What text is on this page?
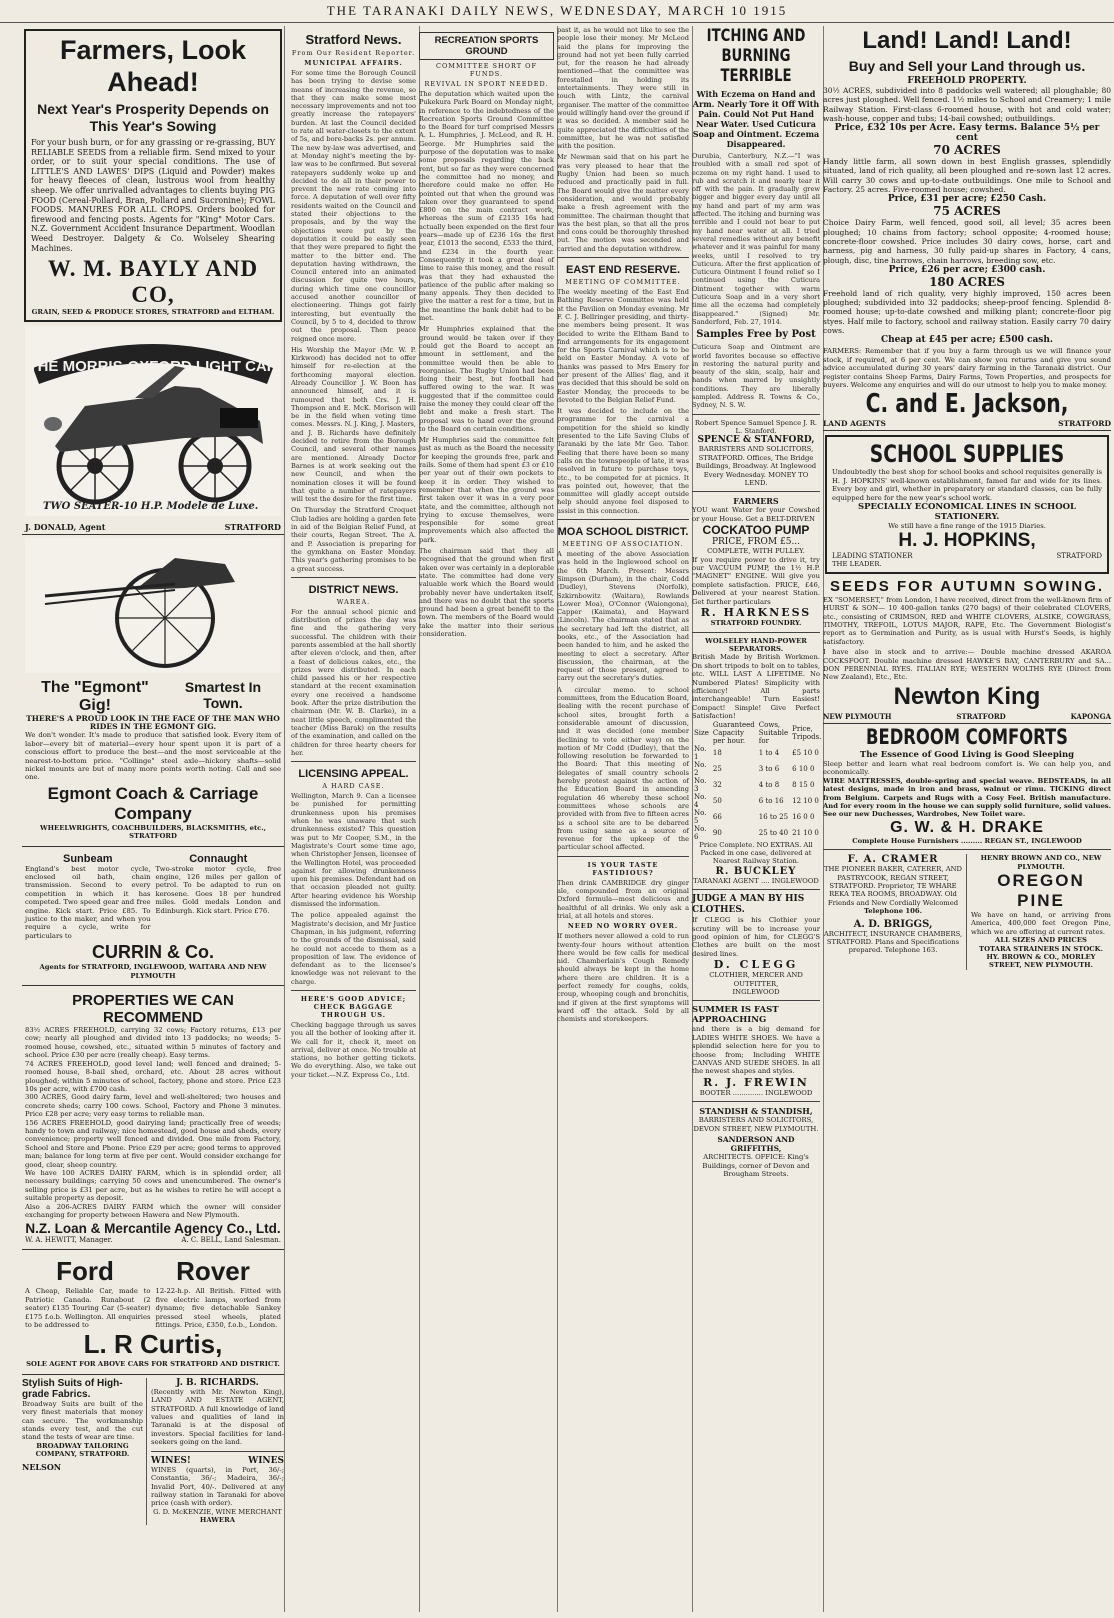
THE TARANAKI DAILY NEWS, WEDNESDAY, MARCH 10 1915
Farmers, Look Ahead!
Next Year's Prosperity Depends on This Year's Sowing
For your bush burn, or for any grassing or re-grassing, BUY RELIABLE SEEDS from a reliable firm. Send mixed to your order, or to suit your special conditions. The use of LITTLE'S AND LAWES' DIPS (Liquid and Powder) makes for heavy fleeces of clean, lustrous wool from healthy sheep. We offer unrivalled advantages to clients buying PIG FOOD (Cereal-Pollard, Bran, Pollard and Sucronine); FOWL FOODS. MANURES FOR ALL CROPS. Orders booked for firewood and fencing posts. Agents for "King" Motor Cars. N.Z. Government Accident Insurance Department. Woodlan Weed Destroyer. Dalgety & Co. Wolseley Shearing Machines.
W. M. BAYLY AND CO,
GRAIN, SEED & PRODUCE STORES, STRATFORD and ELTHAM.
THE MORRIS-OXFORD LIGHT CAR
TWO SEATER-10 H.P. Modele de Luxe.
J. DONALD, Agent	STRATFORD
The "Egmont" Gig!
Smartest In Town.
THERE'S A PROUD LOOK IN THE FACE OF THE MAN WHO RIDES IN THE EGMONT GIG.
We don't wonder. It's made to produce that satisfied look. Every item of labor—every bit of material—every hour spent upon it is part of a conscious effort to produce the best—and the most serviceable at the nearest-to-bottom price. "Collinge" steel axle—hickory shafts—solid nickel mounts are but of many more points worth noting. Call and see one.
Egmont Coach & Carriage Company
WHEELWRIGHTS, COACHBUILDERS, BLACKSMITHS, etc., STRATFORD
Sunbeam
England's best motor cycle, enclosed oil bath, chain transmission. Second to every competition in which it has competed. Two speed gear and free engine. Kick start. Price £85. To justice to the maker, and when you require a cycle, write for particulars to
Connaught
Two-stroke motor cycle, free engine, 126 miles per gallon of petrol. To be adapted to run on kerosene. Goes 18 per hundred miles. Gold medals London and Edinburgh. Kick start. Price £76.
CURRIN & Co.
Agents for STRATFORD, INGLEWOOD, WAITARA AND NEW PLYMOUTH
PROPERTIES WE CAN RECOMMEND
83½ ACRES FREEHOLD, carrying 32 cows; Factory returns, £13 per cow; nearly all ploughed and divided into 13 paddocks; no weeds; 5-roomed house, cowshed, etc., situated within 5 minutes of factory and school. Price £30 per acre (really cheap). Easy terms.
74 ACRES FREEHOLD, good level land; well fenced and drained; 5-roomed house, 8-bail shed, orchard, etc. About 28 acres without ploughed; within 5 minutes of school, factory, phone and store. Price £23 10s per acre, with £700 cash.
300 ACRES, Good dairy farm, level and well-sheltered; two houses and concrete sheds; carry 100 cows. School, Factory and Phone 3 minutes. Price £28 per acre; very easy terms to reliable man.
156 ACRES FREEHOLD, good dairying land; practically free of weeds; handy to town and railway; nice homestead, good house and sheds, every convenience; property well fenced and divided. One mile from Factory, School and Store and Phone. Price £29 per acre; good terms to approved man; balance for long term at five per cent. Would consider exchange for good, clear, sheep country.
We have 100 ACRES DAIRY FARM, which is in splendid order, all necessary buildings; carrying 50 cows and unencumbered. The owner's selling price is £31 per acre, but as he wishes to retire he will accept a suitable property as deposit.
Also a 206-ACRES DAIRY FARM which the owner will consider exchanging for property between Hawera and New Plymouth.
N.Z. Loan & Mercantile Agency Co., Ltd.
W. A. HEWITT, Manager.	A. C. BELL, Land Salesman.
Ford Rover
A Cheap, Reliable Car, made to Patriotic Canada. Runabout (2 seater) £135 Touring Car (5-seater) £175 f.o.b. Wellington. All enquiries to be addressed to
12-22-h.p. All British. Fitted with five electric lamps, worked from dynamo; five detachable Sankey pressed steel wheels, plated fittings. Price, £350, f.o.b., London.
L. R Curtis,
SOLE AGENT FOR ABOVE CARS FOR STRATFORD AND DISTRICT.
Stylish Suits of High-grade Fabrics.
Broadway Suits are built of the very finest materials that money can secure. The workmanship stands every test, and the cut stand the tests of wear are time.
BROADWAY TAILORING COMPANY, STRATFORD.
NELSON
J. B. RICHARDS.
(Recently with Mr. Newton King), LAND AND ESTATE AGENT, STRATFORD. A full knowledge of land values and qualities of land in Taranaki is at the disposal of investors. Special facilities for land-seekers going on the land.
WINES!	WINES
WINES (quarts), in Port, 36/-; Constantia, 36/-; Madeira, 36/-; Invalid Port, 40/-. Delivered at any railway station in Taranaki for above price (cash with order).
G. D. McKENZIE, WINE MERCHANT
HAWERA
Stratford News.
From Our Resident Reporter.
MUNICIPAL AFFAIRS.
For some time the Borough Council has been trying to devise some means of increasing the revenue, so that they can make some most necessary improvements and not too greatly increase the ratepayers' burden. At last the Council decided to rate all water-closets to the extent of 5s, and bore-backs 2s. per annum. The new by-law was advertised, and at Monday night's meeting the by-law was to be confirmed. But several ratepayers suddenly woke up and decided to do all in their power to prevent the new rate coming into force. A deputation of well over fifty residents waited on the Council and stated their objections to the proposals, and by the way the objections were put by the deputation it could be easily seen that they were prepared to fight the matter to the bitter end. The deputation having withdrawn, the Council entered into an animated discussion for quite two hours, during which time one councillor accused another councillor of electioneering. Things got fairly interesting, but eventually the Council, by 5 to 4, decided to throw out the proposal. Then peace reigned once more.
His Worship the Mayor (Mr. W. P. Kirkwood) has decided not to offer himself for re-election at the forthcoming mayoral election. Already Councillor J. W. Boon has announced himself, and it is rumoured that both Crs. J. H. Thompson and E. McK. Morison will be in the field when voting time comes. Messrs. N. J. King, J. Masters, and J. B. Richards have definitely decided to retire from the Borough Council, and several other names are mentioned. Already Doctor Barnes is at work seeking out the new Council, and when the nomination closes it will be found that quite a number of ratepayers will test the desire for the first time.
On Thursday the Stratford Croquet Club ladies are holding a garden fete in aid of the Belgian Relief Fund, at their courts, Regan Street. The A. and P. Association is preparing for the gymkhana on Easter Monday. This year's gathering promises to be a great success.
DISTRICT NEWS.
WAREA.
For the annual school picnic and distribution of prizes the day was fine and the gathering very successful. The children with their parents assembled at the hall shortly after eleven o'clock, and then, after a feast of delicious cakes, etc., the prizes were distributed. In each child passed his or her respective standard at the recent examination every one received a handsome book. After the prize distribution the chairman (Mr. W. B. Clarke), in a neat little speech, complimented the teacher (Miss Barak) on the results of the examination, and called on the children for three hearty cheers for her.
LICENSING APPEAL.
A HARD CASE.
Wellington, March 9. Can a licensee be punished for permitting drunkenness upon his premises when he was unaware that such drunkenness existed? This question was put to Mr Cooper, S.M., in the Magistrate's Court some time ago, when Christopher Jensen, licensee of the Wellington Hotel, was proceeded against for allowing drunkenness upon his premises. Defendant had on that occasion pleaded not guilty. After hearing evidence his Worship dismissed the information.
The police appealed against the Magistrate's decision, and Mr Justice Chapman, in his judgment, referring to the grounds of the dismissal, said he could not accede to them as a proposition of law. The evidence of defendant as to the licensee's knowledge was not relevant to the charge.
HERE'S GOOD ADVICE; CHECK BAGGAGE THROUGH US.
Checking baggage through us saves you all the bother of looking after it. We call for it, check it, meet on arrival, deliver at once. No trouble at stations, no bother getting tickets. We do everything. Also, we take out your ticket.—N.Z. Express Co., Ltd.
RECREATION SPORTS GROUND
COMMITTEE SHORT OF FUNDS.
REVIVAL IN SPORT NEEDED.
The deputation which waited upon the Pukekura Park Board on Monday night, in reference to the indebtedness of the Recreation Sports Ground Committee to the Board for turf comprised Messrs A. L. Humphries, J. McLeod, and R. H. George. Mr Humphries said the purpose of the deputation was to make some proposals regarding the back rent, but so far as they were concerned the committee had no money, and therefore could make no offer. He pointed out that when the ground was taken over they guaranteed to spend £800 on the main contract work, whereas the sum of £2135 16s had actually been expended on the first four years—made up of £236 16s the first year, £1013 the second, £533 the third, and £234 in the fourth year. Consequently it took a great deal of time to raise this money, and the result was that they had exhausted the patience of the public after making so many appeals. They then decided to give the matter a rest for a time, but in the meantime the bank debit had to be met.
Mr Humphries explained that the ground would be taken over if they could get the Board to accept an amount in settlement, and the committee would then be able to reorganise. The Rugby Union had been doing their best, but football had suffered owing to the war. It was suggested that if the committee could raise the money they could clear off the debt and make a fresh start. The proposal was to hand over the ground to the Board on certain conditions.
Mr Humphries said the committee felt just as much as the Board the necessity for keeping the grounds free, park and rails. Some of them had spent £3 or £10 per year out of their own pockets to keep it in order. They wished to remember that when the ground was first taken over it was in a very poor state, and the committee, although not trying to excuse themselves, were responsible for some great improvements which also affected the park.
The chairman said that they all recognised that the ground when first taken over was certainly in a deplorable state. The committee had done very valuable work which the Board would probably never have undertaken itself, and there was no doubt that the sports ground had been a great benefit to the town. The members of the Board would take the matter into their serious consideration.
past it, as he would not like to see the people lose their money. Mr McLeod said the plans for improving the ground had not yet been fully carried out, for the reason he had already mentioned—that the committee was forestalled in holding its entertainments. They were still in touch with Lintz, the carnival organiser. The matter of the committee would willingly hand over the ground if it was so decided. A member said he quite appreciated the difficulties of the committee, but he was not satisfied with the position.
Mr Newman said that on his part he was very pleased to hear that the Rugby Union had been so much reduced and practically paid in full. The Board would give the matter every consideration, and would probably make a fresh agreement with the committee. The chairman thought that was the best plan, so that all the pros and cons could be thoroughly threshed out. The motion was seconded and carried and the deputation withdrew.
EAST END RESERVE.
MEETING OF COMMITTEE.
The weekly meeting of the East End Bathing Reserve Committee was held at the Pavilion on Monday evening. Mr F. C. J. Bellringer presiding, and thirty-one members being present. It was decided to write the Eltham Band to find arrangements for its engagement for the Sports Carnival which is to be held on Easter Monday. A vote of thanks was passed to Mrs Emery for her present of the Allies' flag, and it was decided that this should be sold on Easter Monday, the proceeds to be devoted to the Belgian Relief Fund.
It was decided to include on the programme for the carnival a competition for the shield so kindly presented to the Life Saving Clubs of Taranaki by the late Mr Geo. Tabor. Feeling that there have been so many calls on the townspeople of late, it was resolved in future to purchase toys, etc., to be competed for at picnics. It was pointed out, however, that the committee will gladly accept outside help should anyone feel disposed to assist in this connection.
MOA SCHOOL DISTRICT.
MEETING OF ASSOCIATION.
A meeting of the above Association was held in the Inglewood school on the 6th March. Present: Messrs Simpson (Durham), in the chair, Codd (Dudley), Stevens (Norfolk), Szkirnbowitz (Waitara), Rowlands (Lower Moa), O'Connor (Waiongona), Capper (Kaimata), and Hayward (Lincoln). The chairman stated that as the secretary had left the district, all books, etc., of the Association had been handed to him, and he asked the meeting to elect a secretary. After discussion, the chairman, at the request of those present, agreed to carry out the secretary's duties.
A circular memo. to school committees, from the Education Board, dealing with the recent purchase of school sites, brought forth a considerable amount of discussion, and it was decided (one member declining to vote either way) on the motion of Mr Codd (Dudley), that the following resolution be forwarded to the Board: That this meeting of delegates of small country schools hereby protest against the action of the Education Board in amending regulation 46 whereby these school committees whose schools are provided with from five to fifteen acres as a school site are to be debarred from using same as a source of revenue for the upkeep of the particular school affected.
IS YOUR TASTE FASTIDIOUS?
Then drink CAMBRIDGE dry ginger ale, compounded from an original Oxford formula—most delicious and healthful of all drinks. We only ask a trial, at all hotels and stores.
NEED NO WORRY OVER.
If mothers never allowed a cold to run twenty-four hours without attention there would be few calls for medical aid. Chamberlain's Cough Remedy should always be kept in the home where there are children. It is a perfect remedy for coughs, colds, croup, whooping cough and bronchitis, and if given at the first symptoms will ward off the attack. Sold by all chemists and storekeepers.
ITCHING AND BURNING TERRIBLE
With Eczema on Hand and Arm. Nearly Tore it Off With Pain. Could Not Put Hand Near Water. Used Cuticura Soap and Ointment. Eczema Disappeared.
Ourubia, Canterbury, N.Z.—"I was troubled with a small red spot of eczema on my right hand. I used to rub and scratch it and nearly tear it off with the pain. It gradually grew bigger and bigger every day until all my hand and part of my arm was affected. The itching and burning was terrible and I could not bear to put my hand near water at all. I tried several remedies without any benefit whatever and it was painful for many weeks, until I resolved to try Cuticura. After the first application of Cuticura Ointment I found relief so I continued using the Cuticura Ointment together with warm Cuticura Soap and in a very short time all the eczema had completely disappeared." (Signed) Mr. Sanderford, Feb. 27, 1914.
Samples Free by Post
Cuticura Soap and Ointment are world favorites because so effective in restoring the natural purity and beauty of the skin, scalp, hair and hands when marred by unsightly conditions. They are liberally sampled. Address R. Towns & Co., Sydney, N. S. W.
Robert Spence Samuel Spence J. R. L. Stanford.
SPENCE & STANFORD,
BARRISTERS AND SOLICITORS, STRATFORD. Offices, The Bridge Buildings, Broadway. At Inglewood Every Wednesday. MONEY TO LEND.
FARMERS
YOU want Water for your Cowshed or your House. Get a BELT-DRIVEN
COCKATOO PUMP
PRICE, FROM £5...
COMPLETE, WITH PULLEY.
If you require power to drive it, try our VACUUM PUMP, the 1½ H.P. "MAGNET" ENGINE. Will give you complete satisfaction. PRICE, £46, Delivered at your nearest Station. Get further particulars
R. HARKNESS
STRATFORD FOUNDRY.
WOLSELEY HAND-POWER SEPARATORS.
British Made by British Workmen. On short tripods to bolt on to tables, etc. WILL LAST A LIFETIME. No Numbered Plates! Simplicity with efficiency! All parts interchangeable! Turn Easiest! Compact! Simple! Give Perfect Satisfaction!
Size	Guaranteed Capacity per hour.	Cows, Suitable for	Price, Tripods.
No. 1	18	1 to 4	£5 10 0
No. 2	25	3 to 6	6 10 0
No. 3	32	4 to 8	8 15 0
No. 4	50	6 to 16	12 10 0
No. 5	66	16 to 25	16 0 0
No. 6	90	25 to 40	21 10 0
Price Complete. NO EXTRAS. All Packed in one case, delivered at Nearest Railway Station.
R. BUCKLEY
TARANAKI AGENT .... INGLEWOOD
JUDGE A MAN BY HIS CLOTHES.
If CLEGG is his Clothier your scrutiny will be to increase your good opinion of him, for CLEGG'S Clothes are built on the most desired lines.
D. CLEGG
CLOTHIER, MERCER AND OUTFITTER,
INGLEWOOD
SUMMER IS FAST APPROACHING
and there is a big demand for LADIES WHITE SHOES. We have a splendid selection here for you to choose from; Including WHITE CANVAS AND SUEDE SHOES. In all the newest shapes and styles.
R. J. FREWIN
BOOTER .............. INGLEWOOD
STANDISH & STANDISH,
BARRISTERS AND SOLICITORS, DEVON STREET, NEW PLYMOUTH.
SANDERSON AND GRIFFITHS,
ARCHITECTS. OFFICE: King's Buildings, corner of Devon and Brougham Streets.
Land! Land! Land!
Buy and Sell your Land through us.
FREEHOLD PROPERTY.
30½ ACRES, subdivided into 8 paddocks well watered; all ploughable; 80 acres just ploughed. Well fenced. 1½ miles to School and Creamery; 1 mile Railway Station. First-class 6-roomed house, with hot and cold water; wash-house, copper and tubs; 14-bail cowshed; outbuildings.
Price, £32 10s per Acre. Easy terms. Balance 5½ per cent
70 ACRES
Handy little farm, all sown down in best English grasses, splendidly situated, land of rich quality, all been ploughed and re-sown last 12 acres. Will carry 30 cows and up-to-date outbuildings. One mile to School and Factory. 25 acres. Five-roomed house; cowshed.
Price, £31 per acre; £250 Cash.
75 ACRES
Choice Dairy Farm, well fenced, good soil, all level; 35 acres been ploughed; 10 chains from factory; school opposite; 4-roomed house; concrete-floor cowshed. Price includes 30 dairy cows, horse, cart and harness, pig and harness, 30 fully paid-up shares in Factory, 4 cans, plough, disc, tine harrows, chain harrows, breeding sow, etc.
Price, £26 per acre; £300 cash.
180 ACRES
Freehold land of rich quality, very highly improved, 150 acres been ploughed; subdivided into 32 paddocks; sheep-proof fencing. Splendid 8-roomed house; up-to-date cowshed and milking plant; concrete-floor pig styes. Half mile to factory, school and railway station. Easily carry 70 dairy cows.
Cheap at £45 per acre; £500 cash.
FARMERS: Remember that if you buy a farm through us we will finance your stock, if required, at 6 per cent. We can show you returns and give you sound advice accumulated during 30 years' dairy farming in the Taranaki district. Our register contains Sheep Farms, Dairy Farms, Town Properties, and prospects for buyers. Welcome any enquiries and will do our utmost to help you to make money.
C. and E. Jackson,
LAND AGENTS	STRATFORD
SCHOOL SUPPLIES
Undoubtedly the best shop for school books and school requisites generally is H. J. HOPKINS' well-known establishment, famed far and wide for its lines. Every boy and girl, whether in preparatory or standard classes, can be fully equipped here for the new year's school work.
SPECIALLY ECONOMICAL LINES IN SCHOOL STATIONERY.
We still have a fine range of the 1915 Diaries.
H. J. HOPKINS,
LEADING STATIONER	STRATFORD
THE LEADER.
SEEDS FOR AUTUMN SOWING.
EX "SOMERSET," from London, I have received, direct from the well-known firm of HURST & SON— 10 400-gallon tanks (270 bags) of their celebrated CLOVERS, etc., consisting of CRIMSON, RED and WHITE CLOVERS, ALSIKE, COWGRASS, TIMOTHY, TREFOIL, LOTUS MAJOR, RAPE, Etc. The Government Biologist's report as to Germination and Purity, as is usual with Hurst's Seeds, is highly satisfactory.
I have also in stock and to arrive:— Double machine dressed AKAROA COCKSFOOT. Double machine dressed HAWKE'S BAY, CANTERBURY and SA... DON PERENNIAL RYES. ITALIAN RYE; WESTERN WOLTHS RYE (Direct from New Zealand), Etc., Etc.
Newton King
NEW PLYMOUTH	STRATFORD	KAPONGA
BEDROOM COMFORTS
The Essence of Good Living is Good Sleeping
Sleep better and learn what real bedroom comfort is. We can help you, and economically.
WIRE MATTRESSES, double-spring and special weave. BEDSTEADS, in all latest designs, made in iron and brass, walnut or rimu. TICKING direct from Belgium. Carpets and Rugs with a Cosy Feel. British manufacture. And for every room in the house we can supply solid furniture, solid values. See our new Duchesses, Wardrobes, New Toilet ware.
G. W. & H. DRAKE
Complete House Furnishers ......... REGAN ST., INGLEWOOD
F. A. CRAMER
THE PIONEER BAKER, CATERER, AND PASTRYCOOK, REGAN STREET, STRATFORD. Proprietor, TE WHARE REKA TEA ROOMS, BROADWAY. Old Friends and New Cordially Welcomed
Telephone 106.
A. D. BRIGGS,
ARCHITECT, INSURANCE CHAMBERS, STRATFORD. Plans and Specifications prepared. Telephone 163.
HENRY BROWN AND CO., NEW PLYMOUTH.
OREGON PINE
We have on hand, or arriving from America, 400,000 feet Oregon Pine, which we are offering at current rates.
ALL SIZES AND PRICES
TOTARA STRAINERS IN STOCK.
HY. BROWN & CO., MORLEY STREET, NEW PLYMOUTH.
